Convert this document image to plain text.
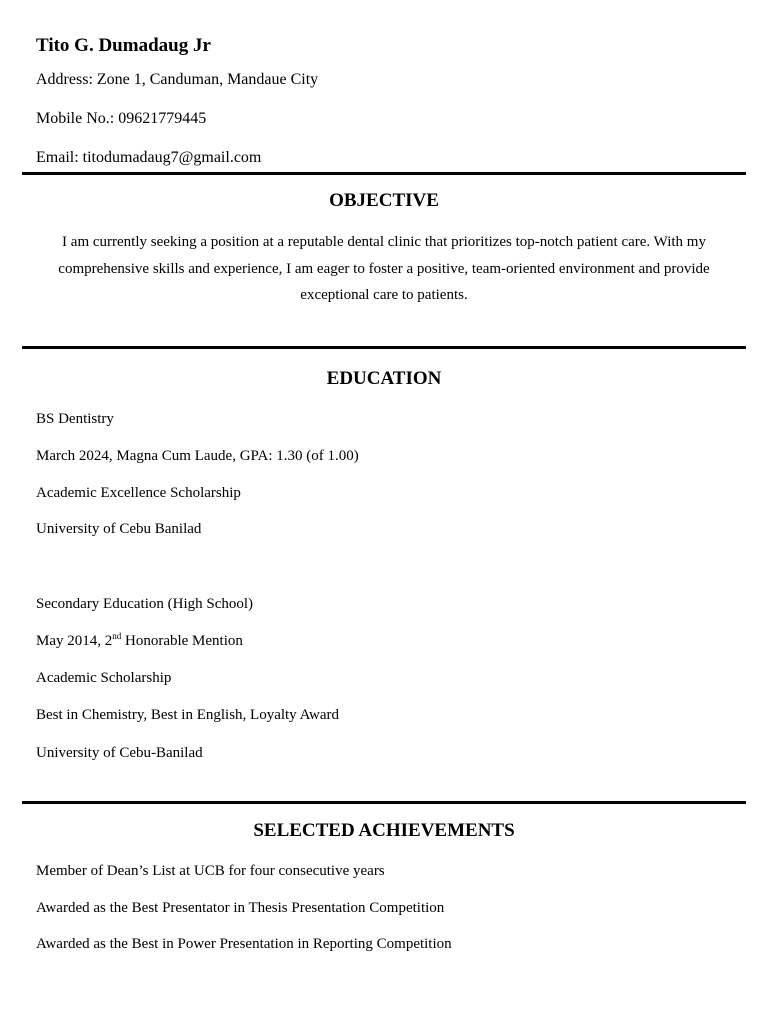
Tito G. Dumadaug Jr
Address: Zone 1, Canduman, Mandaue City
Mobile No.: 09621779445
Email: titodumadaug7@gmail.com
OBJECTIVE
I am currently seeking a position at a reputable dental clinic that prioritizes top-notch patient care. With my comprehensive skills and experience, I am eager to foster a positive, team-oriented environment and provide exceptional care to patients.
EDUCATION
BS Dentistry
March 2024, Magna Cum Laude, GPA: 1.30 (of 1.00)
Academic Excellence Scholarship
University of Cebu Banilad
Secondary Education (High School)
May 2014, 2nd Honorable Mention
Academic Scholarship
Best in Chemistry, Best in English, Loyalty Award
University of Cebu-Banilad
SELECTED ACHIEVEMENTS
Member of Dean’s List at UCB for four consecutive years
Awarded as the Best Presentator in Thesis Presentation Competition
Awarded as the Best in Power Presentation in Reporting Competition
